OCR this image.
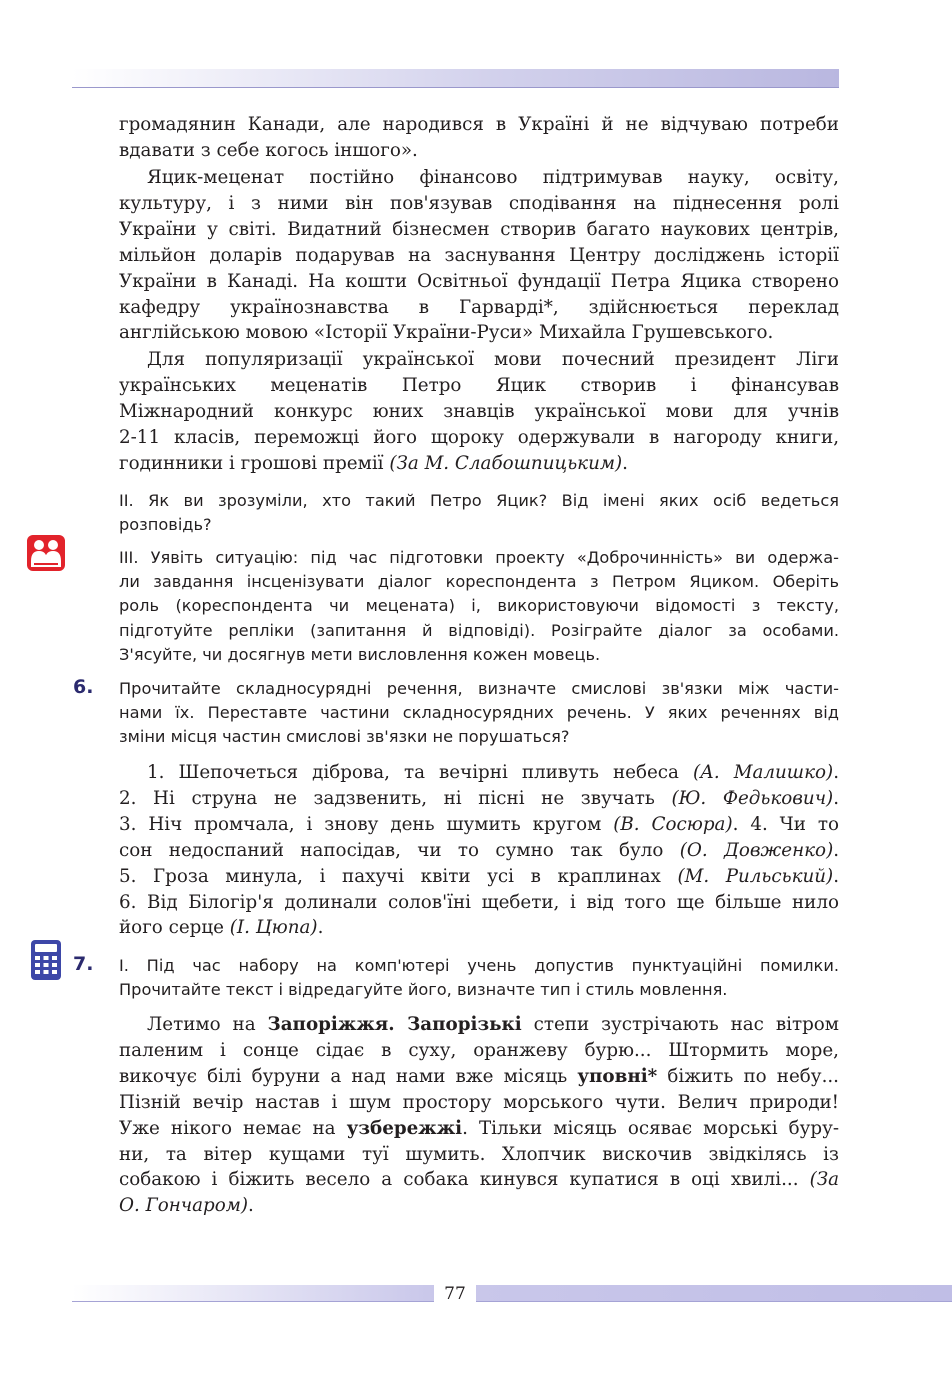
громадянин Канади, але народився в Україні й не відчуваю потреби
вдавати з себе когось іншого».

Яцик-меценат постійно фінансово підтримував науку, освіту,
культуру, і з ними він пов'язував сподівання на піднесення ролі
України у світі. Видатний бізнесмен створив багато наукових центрів,
мільйон доларів подарував на заснування Центру досліджень історії
України в Канаді. На кошти Освітньої фундації Петра Яцика створено
кафедру українознавства в Гарварді*, здійснюється переклад
англійською мовою «Історії України-Руси» Михайла Грушевського.

Для популяризації української мови почесний президент Ліги
українських меценатів Петро Яцик створив і фінансував
Міжнародний конкурс юних знавців української мови для учнів
2-11 класів, переможці його щороку одержували в нагороду книги,
годинники і грошові премії (За М. Слабошпицьким).

II. Як ви зрозуміли, хто такий Петро Яцик? Від імені яких осіб ведеться
розповідь?

III. Уявіть ситуацію: під час підготовки проекту «Доброчинність» ви одержа-
ли завдання інсценізувати діалог кореспондента з Петром Яциком. Оберіть
роль (кореспондента чи мецената) і, використовуючи відомості з тексту,
підготуйте репліки (запитання й відповіді). Розіграйте діалог за особами.
З'ясуйте, чи досягнув мети висловлення кожен мовець.

6. Прочитайте складносурядні речення, визначте смислові зв'язки між части-
нами їх. Переставте частини складносурядних речень. У яких реченнях від
зміни місця частин смислові зв'язки не порушаться?

1. Шепочеться діброва, та вечірні пливуть небеса (А. Малишко).
2. Ні струна не задзвенить, ні пісні не звучать (Ю. Федькович).
3. Ніч промчала, і знову день шумить кругом (В. Сосюра). 4. Чи то
сон недоспаний напосідав, чи то сумно так було (О. Довженко).
5. Гроза минула, і пахучі квіти усі в краплинах (М. Рильський).
6. Від Білогір'я долинали солов'їні щебети, і від того ще більше нило
його серце (І. Цюпа).

7. І. Під час набору на комп'ютері учень допустив пунктуаційні помилки.
Прочитайте текст і відредагуйте його, визначте тип і стиль мовлення.

Летимо на Запоріжжя. Запорізькі степи зустрічають нас вітром
паленим і сонце сідає в суху, оранжеву бурю... Штормить море,
викочує білі буруни а над нами вже місяць уповні* біжить по небу...
Пізній вечір настав і шум простору морського чути. Велич природи!
Уже нікого немає на узбережжі. Тільки місяць осяває морські буру-
ни, та вітер кущами туї шумить. Хлопчик вискочив звідкілясь із
собакою і біжить весело а собака кинувся купатися в оці хвилі... (За
О. Гончаром).

77
